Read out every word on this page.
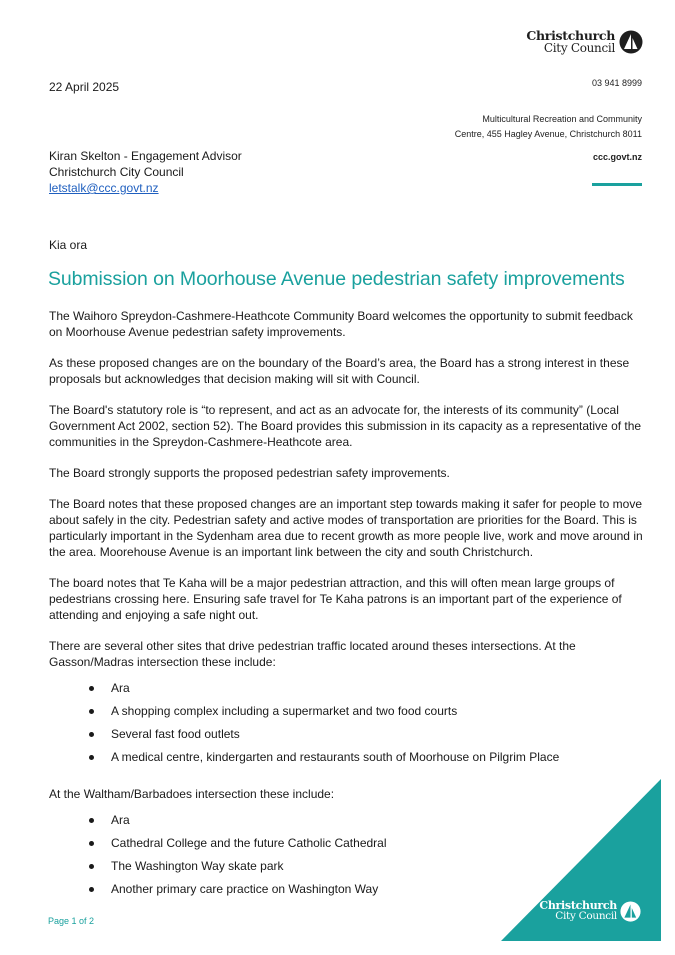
Christchurch
City Council
22 April 2025	03 941 8999
Multicultural Recreation and Community
Centre, 455 Hagley Avenue, Christchurch 8011
ccc.govt.nz
Kiran Skelton - Engagement Advisor
Christchurch City Council
letstalk@ccc.govt.nz
Kia ora
Submission on Moorhouse Avenue pedestrian safety improvements

The Waihoro Spreydon-Cashmere-Heathcote Community Board welcomes the opportunity to submit feedback on Moorhouse Avenue pedestrian safety improvements.

As these proposed changes are on the boundary of the Board’s area, the Board has a strong interest in these proposals but acknowledges that decision making will sit with Council.

The Board's statutory role is “to represent, and act as an advocate for, the interests of its community” (Local Government Act 2002, section 52). The Board provides this submission in its capacity as a representative of the communities in the Spreydon-Cashmere-Heathcote area.

The Board strongly supports the proposed pedestrian safety improvements.

The Board notes that these proposed changes are an important step towards making it safer for people to move about safely in the city. Pedestrian safety and active modes of transportation are priorities for the Board. This is particularly important in the Sydenham area due to recent growth as more people live, work and move around in the area. Moorehouse Avenue is an important link between the city and south Christchurch.

The board notes that Te Kaha will be a major pedestrian attraction, and this will often mean large groups of pedestrians crossing here. Ensuring safe travel for Te Kaha patrons is an important part of the experience of attending and enjoying a safe night out.

There are several other sites that drive pedestrian traffic located around theses intersections. At the Gasson/Madras intersection these include:

Ara
A shopping complex including a supermarket and two food courts
Several fast food outlets
A medical centre, kindergarten and restaurants south of Moorhouse on Pilgrim Place

At the Waltham/Barbadoes intersection these include:

Ara
Cathedral College and the future Catholic Cathedral
The Washington Way skate park
Another primary care practice on Washington Way
Page 1 of 2
Christchurch
City Council
